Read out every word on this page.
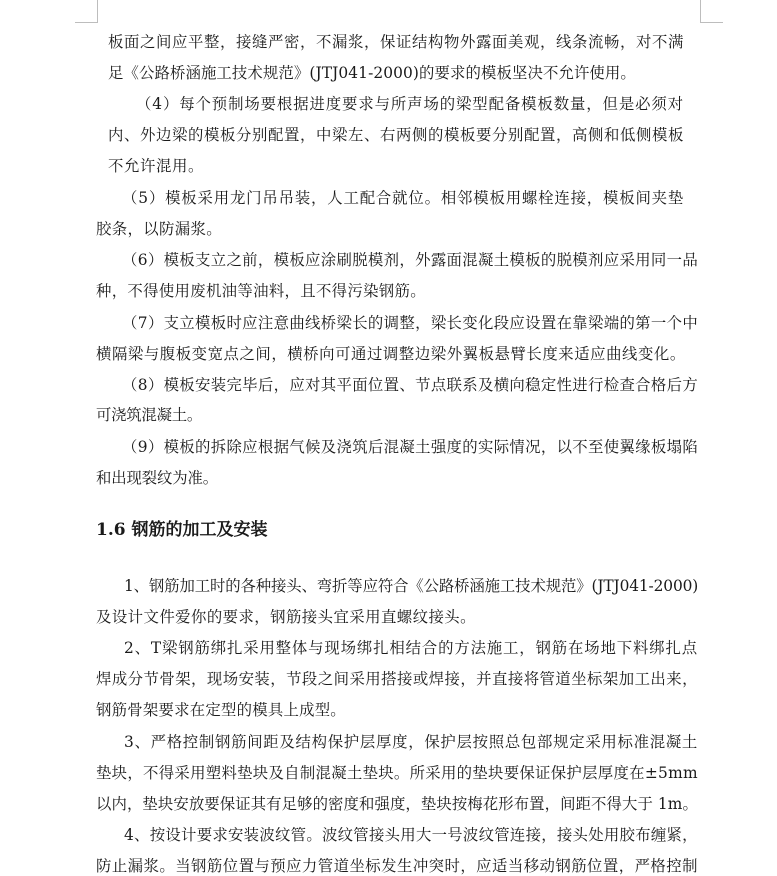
板面之间应平整，接缝严密，不漏浆，保证结构物外露面美观，线条流畅，对不满
足《公路桥涵施工技术规范》(JTJ041-2000)的要求的模板坚决不允许使用。
（4）每个预制场要根据进度要求与所声场的梁型配备模板数量，但是必须对
内、外边梁的模板分别配置，中梁左、右两侧的模板要分别配置，高侧和低侧模板
不允许混用。
（5）模板采用龙门吊吊装，人工配合就位。相邻模板用螺栓连接，模板间夹垫
胶条，以防漏浆。
（6）模板支立之前，模板应涂刷脱模剂，外露面混凝土模板的脱模剂应采用同一品
种，不得使用废机油等油料，且不得污染钢筋。
（7）支立模板时应注意曲线桥梁长的调整，梁长变化段应设置在靠梁端的第一个中
横隔梁与腹板变宽点之间，横桥向可通过调整边梁外翼板悬臂长度来适应曲线变化。
（8）模板安装完毕后，应对其平面位置、节点联系及横向稳定性进行检查合格后方
可浇筑混凝土。
（9）模板的拆除应根据气候及浇筑后混凝土强度的实际情况，以不至使翼缘板塌陷
和出现裂纹为准。
1.6 钢筋的加工及安装
1、钢筋加工时的各种接头、弯折等应符合《公路桥涵施工技术规范》(JTJ041-2000)
及设计文件爱你的要求，钢筋接头宜采用直螺纹接头。
2、T梁钢筋绑扎采用整体与现场绑扎相结合的方法施工，钢筋在场地下料绑扎点
焊成分节骨架，现场安装，节段之间采用搭接或焊接，并直接将管道坐标架加工出来，
钢筋骨架要求在定型的模具上成型。
3、严格控制钢筋间距及结构保护层厚度，保护层按照总包部规定采用标准混凝土
垫块，不得采用塑料垫块及自制混凝土垫块。所采用的垫块要保证保护层厚度在±5mm
以内，垫块安放要保证其有足够的密度和强度，垫块按梅花形布置，间距不得大于 1m。
4、按设计要求安装波纹管。波纹管接头用大一号波纹管连接，接头处用胶布缠紧，
防止漏浆。当钢筋位置与预应力管道坐标发生冲突时，应适当移动钢筋位置，严格控制
